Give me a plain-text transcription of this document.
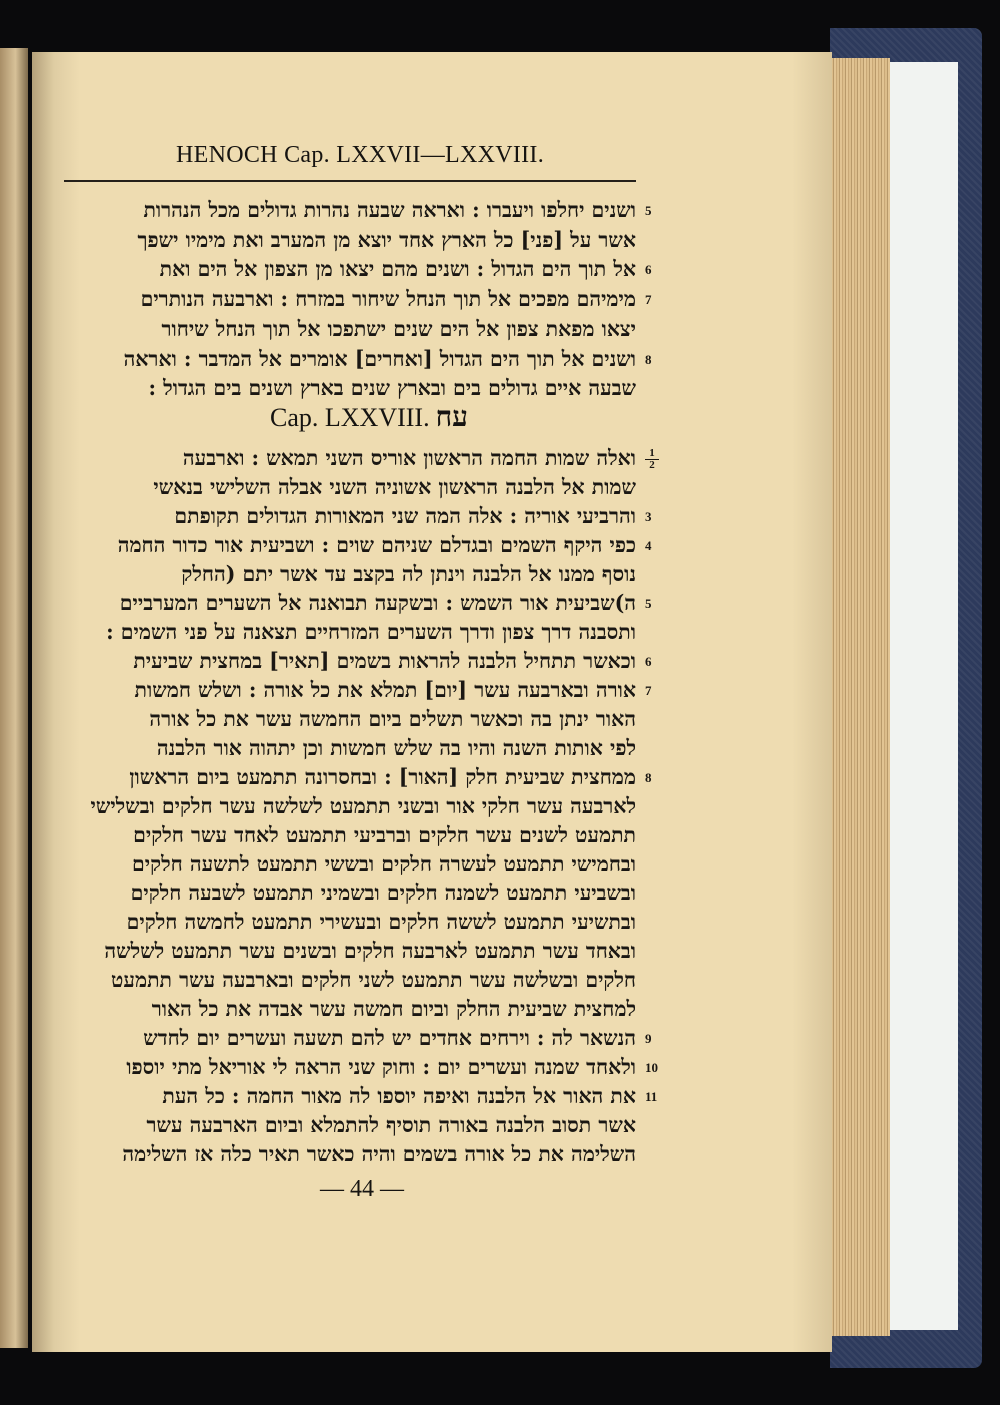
HENOCH Cap. LXXVII—LXXVIII.
ושנים יחלפו ויעברו : ואראה שבעה נהרות גדולים מכל הנהרות 5
אשר על [פני] כל הארץ אחד יוצא מן המערב ואת מימיו ישפך
אל תוך הים הגדול : ושנים מהם יצאו מן הצפון אל הים ואת 6
מימיהם מפכים אל תוך הנחל שיחור במזרח : וארבעה הנותרים 7
יצאו מפאת צפון אל הים שנים ישתפכו אל תוך הנחל שיחור
ושנים אל תוך הים הגדול [ואחרים] אומרים אל המדבר : ואראה 8
שבעה איים גדולים בים ובארץ שנים בארץ ושנים בים הגדול :
ואלה שמות החמה הראשון אוריס השני תמאש : וארבעה $\frac{1}{2}$
שמות אל הלבנה הראשון אשוניה השני אבלה השלישי בנאשי
והרביעי אוריה : אלה המה שני המאורות הגדולים תקופתם 3
כפי היקף השמים ובגדלם שניהם שוים : ושביעית אור כדור החמה 4
נוסף ממנו אל הלבנה וינתן לה בקצב עד אשר יתם (החלק
ה)שביעית אור השמש : ובשקעה תבואנה אל השערים המערביים 5
ותסבנה דרך צפון ודרך השערים המזרחיים תצאנה על פני השמים :
וכאשר תתחיל הלבנה להראות בשמים [תאיר] במחצית שביעית 6
אורה ובארבעה עשר [יום] תמלא את כל אורה : ושלש חמשות 7
האור ינתן בה וכאשר תשלים ביום החמשה עשר את כל אורה
לפי אותות השנה והיו בה שלש חמשות וכן יתהוה אור הלבנה
ממחצית שביעית חלק [האור] : ובחסרונה תתמעט ביום הראשון 8
לארבעה עשר חלקי אור ובשני תתמעט לשלשה עשר חלקים ובשלישי
תתמעט לשנים עשר חלקים וברביעי תתמעט לאחד עשר חלקים
ובחמישי תתמעט לעשרה חלקים ובששי תתמעט לתשעה חלקים
ובשביעי תתמעט לשמנה חלקים ובשמיני תתמעט לשבעה חלקים
ובתשיעי תתמעט לששה חלקים ובעשירי תתמעט לחמשה חלקים
ובאחד עשר תתמעט לארבעה חלקים ובשנים עשר תתמעט לשלשה
חלקים ובשלשה עשר תתמעט לשני חלקים ובארבעה עשר תתמעט
למחצית שביעית החלק וביום חמשה עשר אבדה את כל האור
הנשאר לה : וירחים אחדים יש להם תשעה ועשרים יום לחדש 9
ולאחד שמנה ועשרים יום : וחוק שני הראה לי אוריאל מתי יוספו 10
את האור אל הלבנה ואיפה יוספו לה מאור החמה : כל העת 11
אשר תסוב הלבנה באורה תוסיף להתמלא וביום הארבעה עשר
השלימה את כל אורה בשמים והיה כאשר תאיר כלה אז השלימה
Cap. LXXVIII. עח
— 44 —
